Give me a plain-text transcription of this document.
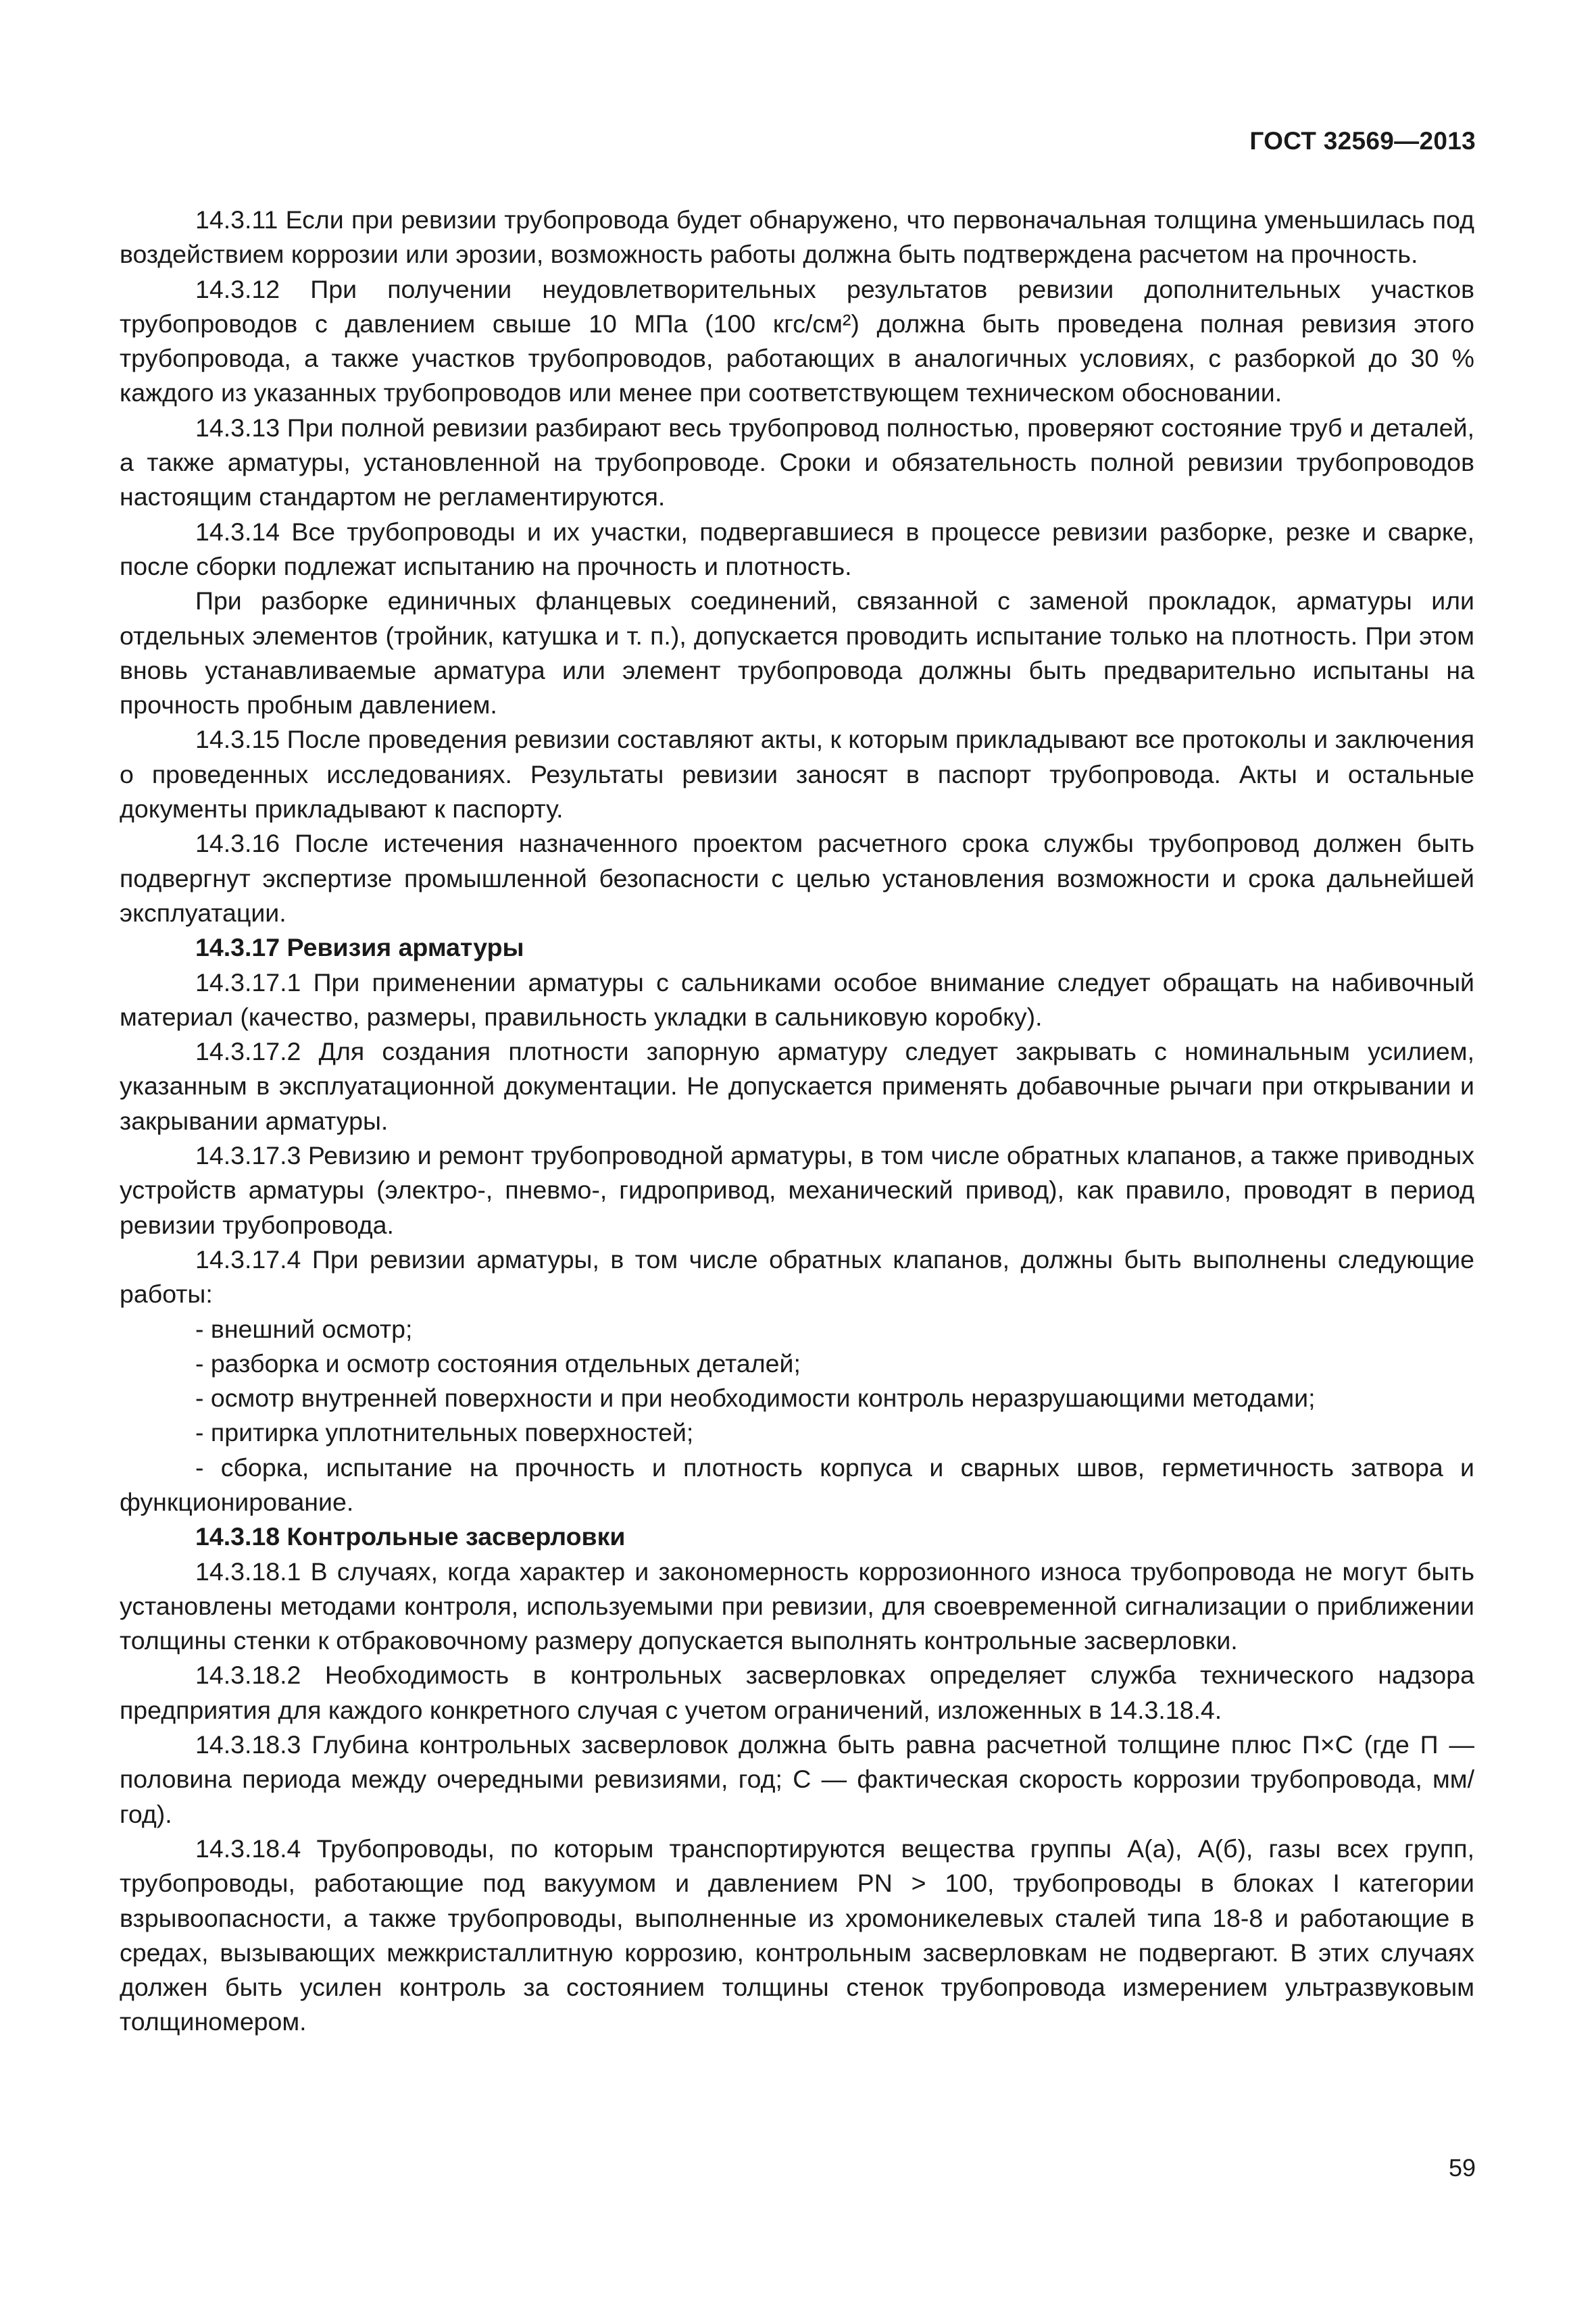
ГОСТ 32569—2013

14.3.11 Если при ревизии трубопровода будет обнаружено, что первоначальная толщина уменьшилась под воздействием коррозии или эрозии, возможность работы должна быть подтверждена расчетом на прочность.

14.3.12 При получении неудовлетворительных результатов ревизии дополнительных участков трубопроводов с давлением свыше 10 МПа (100 кгс/см²) должна быть проведена полная ревизия этого трубопровода, а также участков трубопроводов, работающих в аналогичных условиях, с разборкой до 30 % каждого из указанных трубопроводов или менее при соответствующем техническом обосновании.

14.3.13 При полной ревизии разбирают весь трубопровод полностью, проверяют состояние труб и деталей, а также арматуры, установленной на трубопроводе. Сроки и обязательность полной ревизии трубопроводов настоящим стандартом не регламентируются.

14.3.14 Все трубопроводы и их участки, подвергавшиеся в процессе ревизии разборке, резке и сварке, после сборки подлежат испытанию на прочность и плотность.

При разборке единичных фланцевых соединений, связанной с заменой прокладок, арматуры или отдельных элементов (тройник, катушка и т. п.), допускается проводить испытание только на плотность. При этом вновь устанавливаемые арматура или элемент трубопровода должны быть предварительно испытаны на прочность пробным давлением.

14.3.15 После проведения ревизии составляют акты, к которым прикладывают все протоколы и заключения о проведенных исследованиях. Результаты ревизии заносят в паспорт трубопровода. Акты и остальные документы прикладывают к паспорту.

14.3.16 После истечения назначенного проектом расчетного срока службы трубопровод должен быть подвергнут экспертизе промышленной безопасности с целью установления возможности и срока дальнейшей эксплуатации.

14.3.17 Ревизия арматуры

14.3.17.1 При применении арматуры с сальниками особое внимание следует обращать на набивочный материал (качество, размеры, правильность укладки в сальниковую коробку).

14.3.17.2 Для создания плотности запорную арматуру следует закрывать с номинальным усилием, указанным в эксплуатационной документации. Не допускается применять добавочные рычаги при открывании и закрывании арматуры.

14.3.17.3 Ревизию и ремонт трубопроводной арматуры, в том числе обратных клапанов, а также приводных устройств арматуры (электро-, пневмо-, гидропривод, механический привод), как правило, проводят в период ревизии трубопровода.

14.3.17.4 При ревизии арматуры, в том числе обратных клапанов, должны быть выполнены следующие работы:

- внешний осмотр;

- разборка и осмотр состояния отдельных деталей;

- осмотр внутренней поверхности и при необходимости контроль неразрушающими методами;

- притирка уплотнительных поверхностей;

- сборка, испытание на прочность и плотность корпуса и сварных швов, герметичность затвора и функционирование.

14.3.18 Контрольные засверловки

14.3.18.1 В случаях, когда характер и закономерность коррозионного износа трубопровода не могут быть установлены методами контроля, используемыми при ревизии, для своевременной сигнализации о приближении толщины стенки к отбраковочному размеру допускается выполнять контрольные засверловки.

14.3.18.2 Необходимость в контрольных засверловках определяет служба технического надзора предприятия для каждого конкретного случая с учетом ограничений, изложенных в 14.3.18.4.

14.3.18.3 Глубина контрольных засверловок должна быть равна расчетной толщине плюс П×С (где П — половина периода между очередными ревизиями, год; С — фактическая скорость коррозии трубопровода, мм/год).

14.3.18.4 Трубопроводы, по которым транспортируются вещества группы А(а), А(б), газы всех групп, трубопроводы, работающие под вакуумом и давлением PN > 100, трубопроводы в блоках I категории взрывоопасности, а также трубопроводы, выполненные из хромоникелевых сталей типа 18-8 и работающие в средах, вызывающих межкристаллитную коррозию, контрольным засверловкам не подвергают. В этих случаях должен быть усилен контроль за состоянием толщины стенок трубопровода измерением ультразвуковым толщиномером.

59
